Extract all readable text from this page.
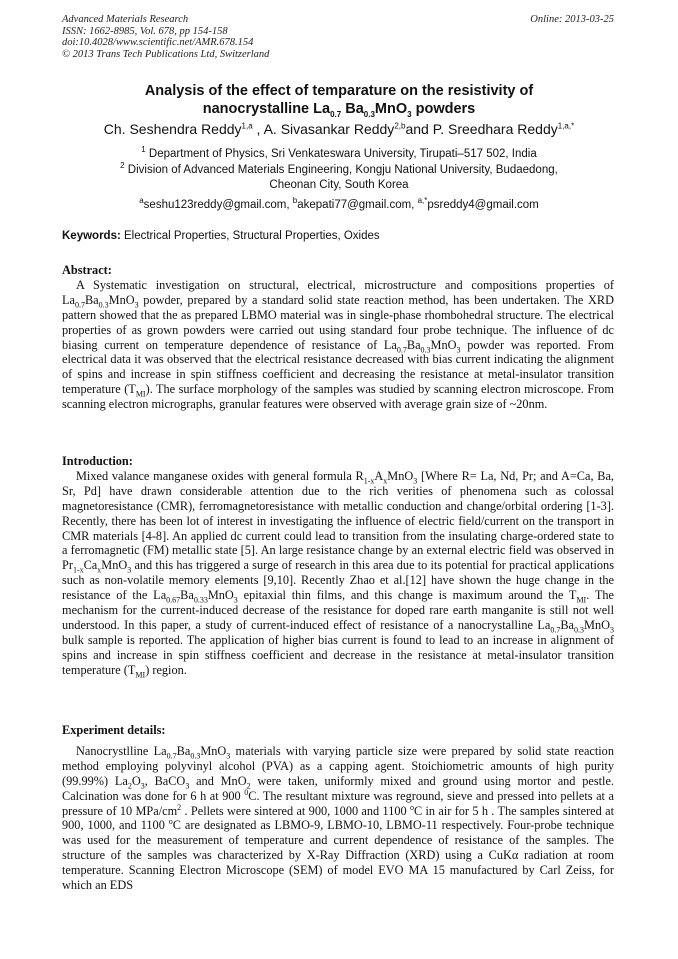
Advanced Materials Research
ISSN: 1662-8985, Vol. 678, pp 154-158
doi:10.4028/www.scientific.net/AMR.678.154
© 2013 Trans Tech Publications Ltd, Switzerland
Online: 2013-03-25
Analysis of the effect of temparature on the resistivity of
nanocrystalline $La_{0.7}$ $Ba_{0.3}MnO_3$ powders
Ch. Seshendra Reddy$^{1,a}$ , A. Sivasankar Reddy$^{2,b}$and P. Sreedhara Reddy$^{1,a,*}$
$^1$ Department of Physics, Sri Venkateswara University, Tirupati–517 502, India
$^2$ Division of Advanced Materials Engineering, Kongju National University, Budaedong,
Cheonan City, South Korea
$^a$seshu123reddy@gmail.com, $^b$akepati77@gmail.com, $^{a,*}$psreddy4@gmail.com
Keywords: Electrical Properties, Structural Properties, Oxides
Abstract:

A Systematic investigation on structural, electrical, microstructure and compositions properties of $La_{0.7}Ba_{0.3}MnO_3$ powder, prepared by a standard solid state reaction method, has been undertaken. The XRD pattern showed that the as prepared LBMO material was in single-phase rhombohedral structure. The electrical properties of as grown powders were carried out using standard four probe technique. The influence of dc biasing current on temperature dependence of resistance of $La_{0.7}Ba_{0.3}MnO_3$ powder was reported. From electrical data it was observed that the electrical resistance decreased with bias current indicating the alignment of spins and increase in spin stiffness coefficient and decreasing the resistance at metal-insulator transition temperature $(T_{MI})$. The surface morphology of the samples was studied by scanning electron microscope. From scanning electron micrographs, granular features were observed with average grain size of ~20nm.

Introduction:

Mixed valance manganese oxides with general formula $R_{1-x}A_xMnO_3$ [Where R= La, Nd, Pr; and A=Ca, Ba, Sr, Pd] have drawn considerable attention due to the rich verities of phenomena such as colossal magnetoresistance (CMR), ferromagnetoresistance with metallic conduction and change/orbital ordering [1-3]. Recently, there has been lot of interest in investigating the influence of electric field/current on the transport in CMR materials [4-8]. An applied dc current could lead to transition from the insulating charge-ordered state to a ferromagnetic (FM) metallic state [5]. An large resistance change by an external electric field was observed in $Pr_{1-x}Ca_xMnO_3$ and this has triggered a surge of research in this area due to its potential for practical applications such as non-volatile memory elements [9,10]. Recently Zhao et al.[12] have shown the huge change in the resistance of the $La_{0.67}Ba_{0.33}MnO_3$ epitaxial thin films, and this change is maximum around the $T_{MI}$. The mechanism for the current-induced decrease of the resistance for doped rare earth manganite is still not well understood. In this paper, a study of current-induced effect of resistance of a nanocrystalline $La_{0.7}Ba_{0.3}MnO_3$ bulk sample is reported. The application of higher bias current is found to lead to an increase in alignment of spins and increase in spin stiffness coefficient and decrease in the resistance at metal-insulator transition temperature $(T_{MI})$ region.

Experiment details:

Nanocrystlline $La_{0.7}Ba_{0.3}MnO_3$ materials with varying particle size were prepared by solid state reaction method employing polyvinyl alcohol (PVA) as a capping agent. Stoichiometric amounts of high purity (99.99%) $La_2O_3$, BaCO$_3$ and MnO$_2$ were taken, uniformly mixed and ground using mortor and pestle. Calcination was done for 6 h at 900 $^0$C. The resultant mixture was reground, sieve and pressed into pellets at a pressure of 10 MPa/$cm^2$ . Pellets were sintered at 900, 1000 and 1100 $^o$C in air for 5 h . The samples sintered at 900, 1000, and 1100 $^o$C are designated as LBMO-9, LBMO-10, LBMO-11 respectively. Four-probe technique was used for the measurement of temperature and current dependence of resistance of the samples. The structure of the samples was characterized by X-Ray Diffraction (XRD) using a CuKα radiation at room temperature. Scanning Electron Microscope (SEM) of model EVO MA 15 manufactured by Carl Zeiss, for which an EDS
